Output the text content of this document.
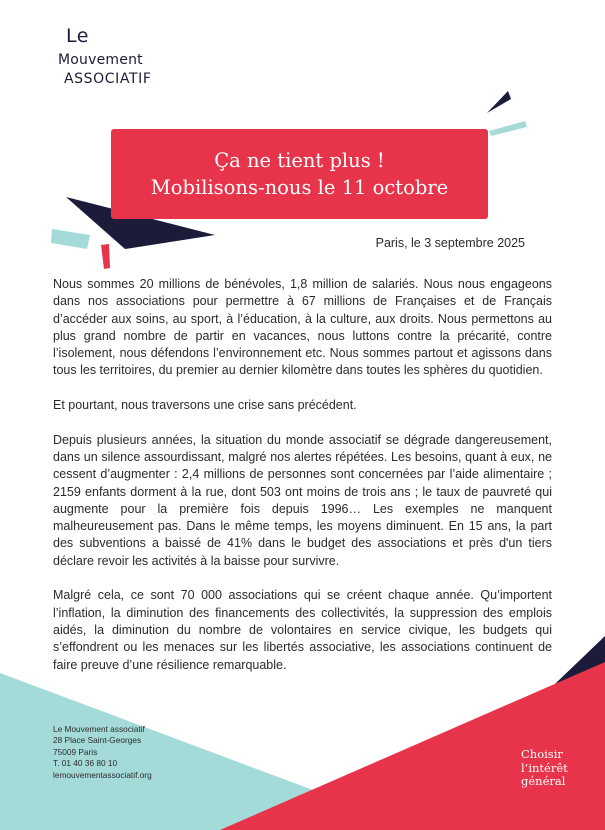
Le
Mouvement
ASSOCIATIF
Ça ne tient plus !
Mobilisons-nous le 11 octobre
Paris, le 3 septembre 2025

Nous sommes 20 millions de bénévoles, 1,8 million de salariés. Nous nous engageons dans nos associations pour permettre à 67 millions de Françaises et de Français d’accéder aux soins, au sport, à l’éducation, à la culture, aux droits. Nous permettons au plus grand nombre de partir en vacances, nous luttons contre la précarité, contre l’isolement, nous défendons l’environnement etc. Nous sommes partout et agissons dans tous les territoires, du premier au dernier kilomètre dans toutes les sphères du quotidien.

Et pourtant, nous traversons une crise sans précédent.

Depuis plusieurs années, la situation du monde associatif se dégrade dangereusement, dans un silence assourdissant, malgré nos alertes répétées. Les besoins, quant à eux, ne cessent d’augmenter : 2,4 millions de personnes sont concernées par l’aide alimentaire ; 2159 enfants dorment à la rue, dont 503 ont moins de trois ans ; le taux de pauvreté qui augmente pour la première fois depuis 1996… Les exemples ne manquent malheureusement pas. Dans le même temps, les moyens diminuent. En 15 ans, la part des subventions a baissé de 41% dans le budget des associations et près d'un tiers déclare revoir les activités à la baisse pour survivre.

Malgré cela, ce sont 70 000 associations qui se créent chaque année. Qu’importent l’inflation, la diminution des financements des collectivités, la suppression des emplois aidés, la diminution du nombre de volontaires en service civique, les budgets qui s’effondrent ou les menaces sur les libertés associative, les associations continuent de faire preuve d’une résilience remarquable.

Le Mouvement associatif
28 Place Saint-Georges
75009 Paris
T. 01 40 36 80 10
lemouvementassociatif.org
Choisir
l’intérêt
général
